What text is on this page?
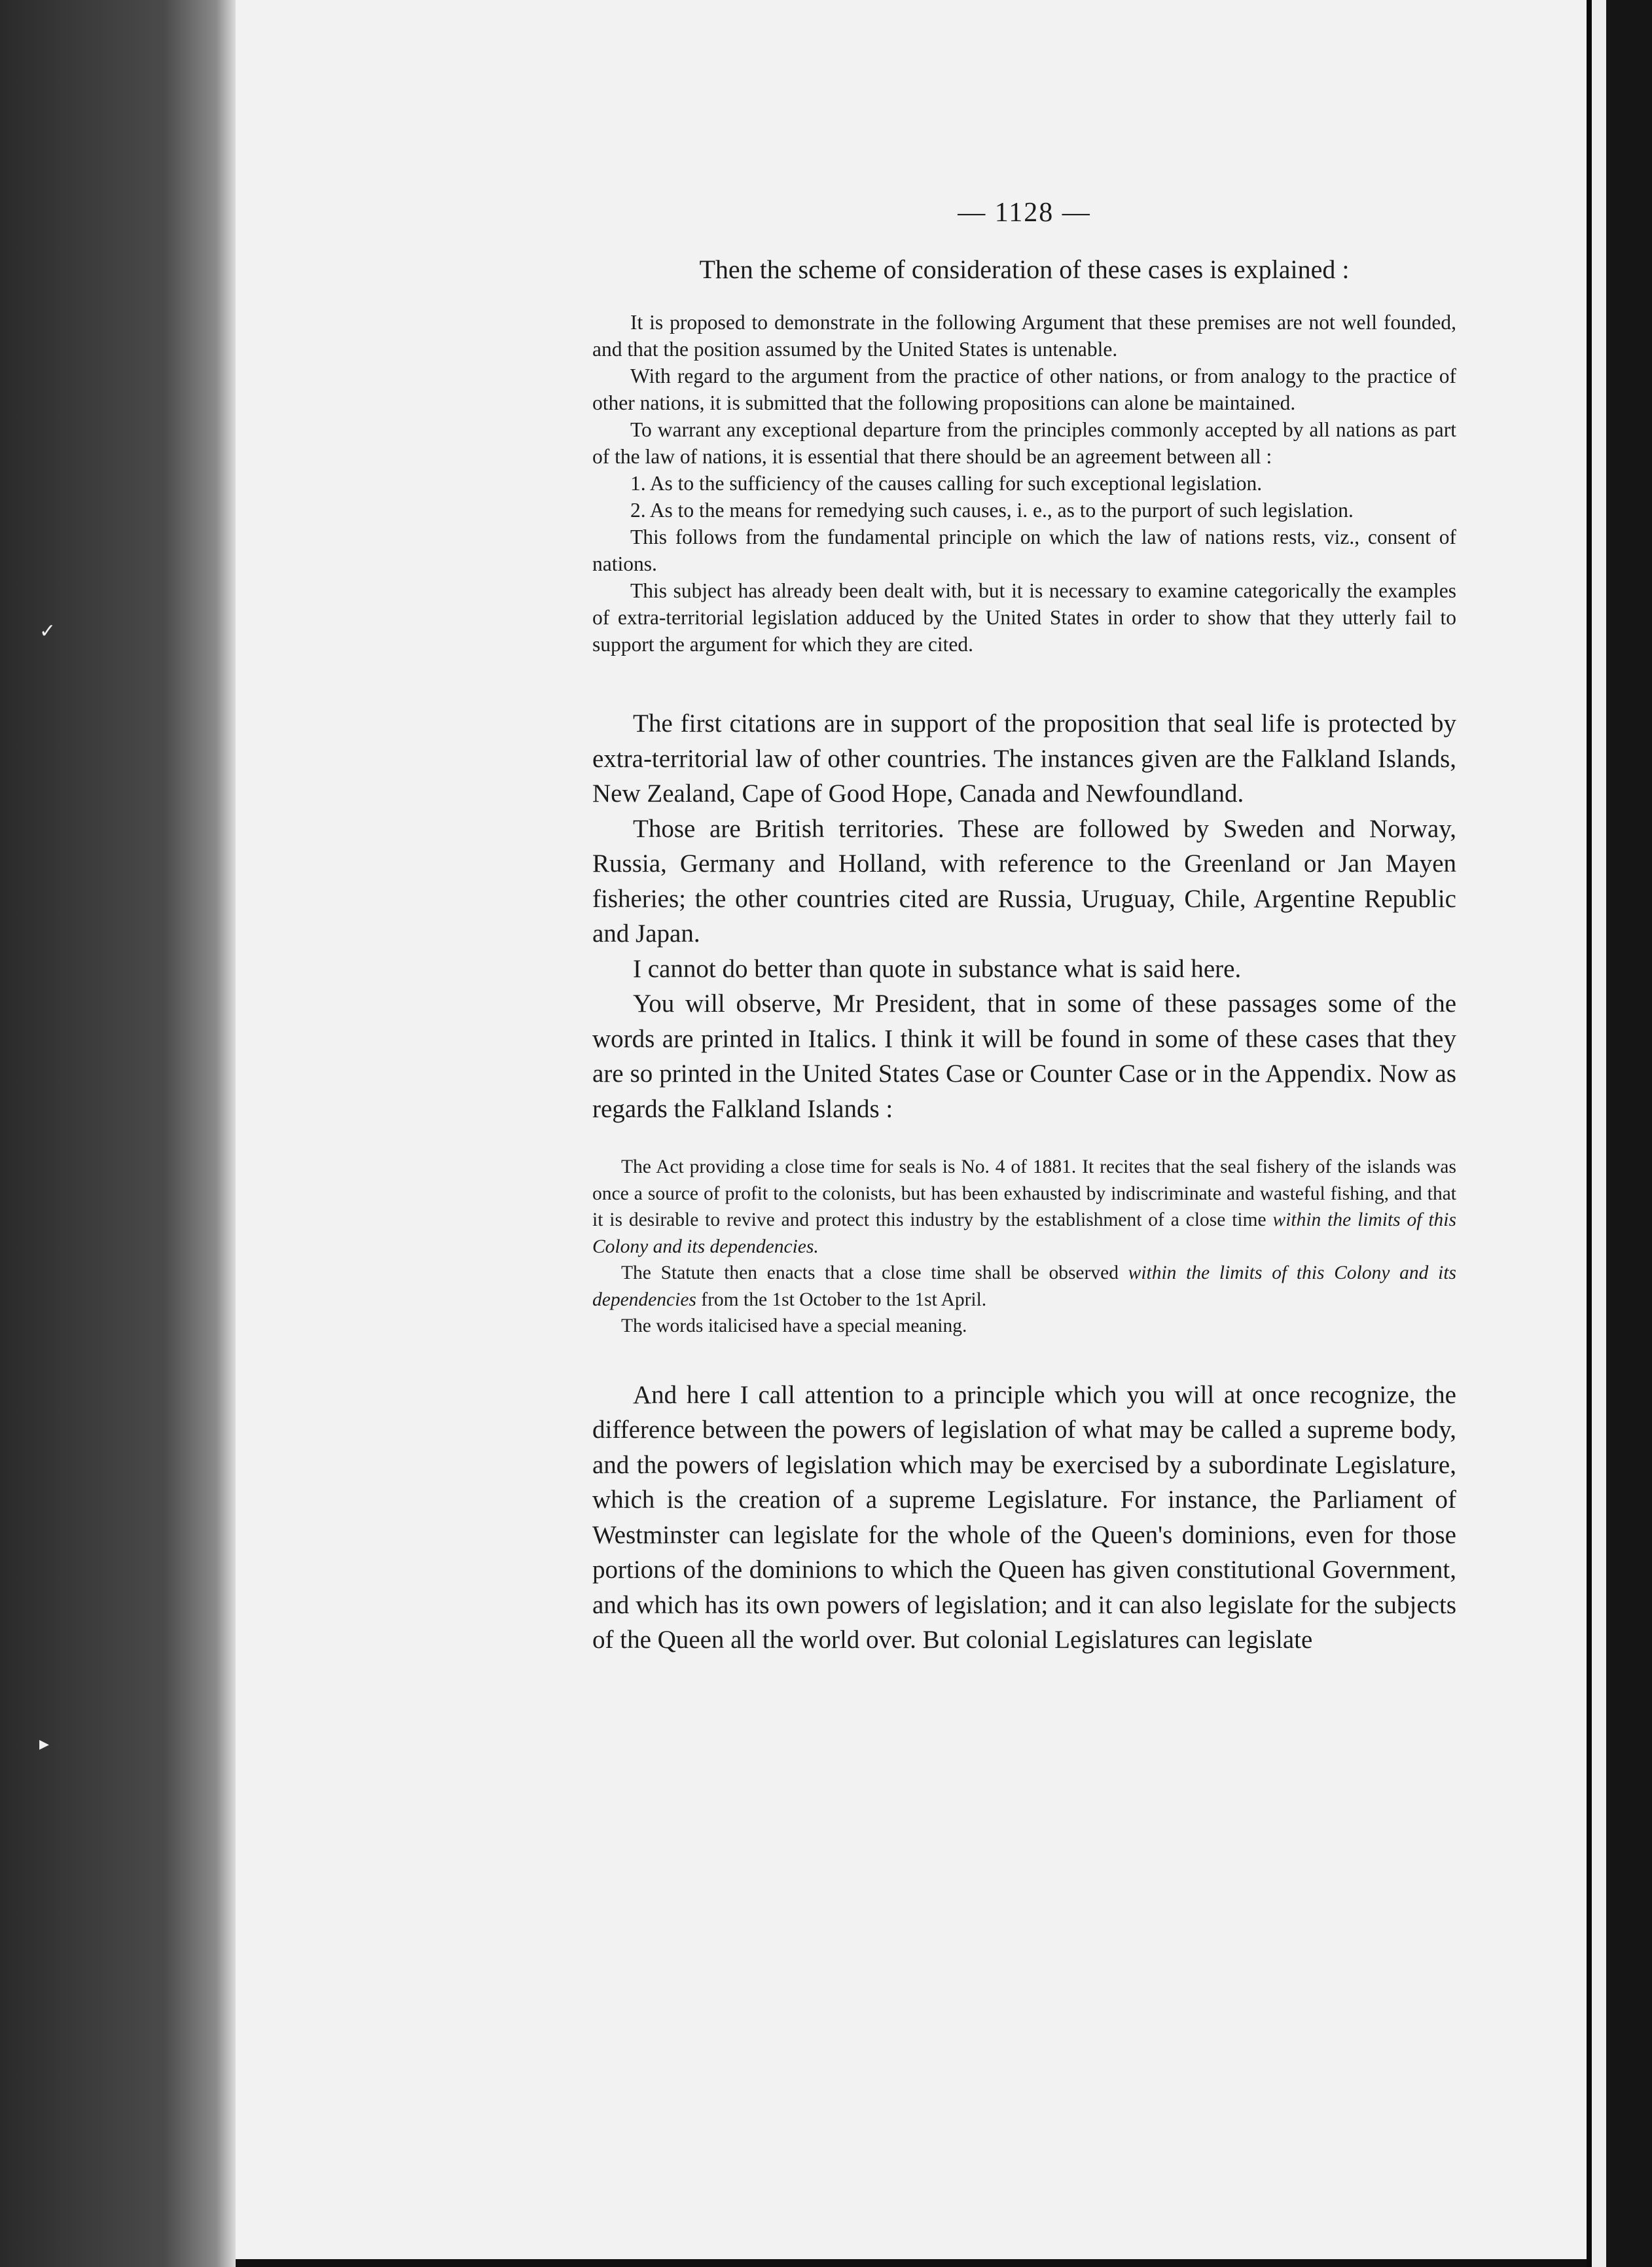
✓
▸
— 1128 —
Then the scheme of consideration of these cases is explained :

It is proposed to demonstrate in the following Argument that these premises are not well founded, and that the position assumed by the United States is untenable.

With regard to the argument from the practice of other nations, or from analogy to the practice of other nations, it is submitted that the following propositions can alone be maintained.

To warrant any exceptional departure from the principles commonly accepted by all nations as part of the law of nations, it is essential that there should be an agreement between all :

1. As to the sufficiency of the causes calling for such exceptional legislation.

2. As to the means for remedying such causes, i. e., as to the purport of such legislation.

This follows from the fundamental principle on which the law of nations rests, viz., consent of nations.

This subject has already been dealt with, but it is necessary to examine categorically the examples of extra-territorial legislation adduced by the United States in order to show that they utterly fail to support the argument for which they are cited.

The first citations are in support of the proposition that seal life is protected by extra-territorial law of other countries. The instances given are the Falkland Islands, New Zealand, Cape of Good Hope, Canada and Newfoundland.

Those are British territories. These are followed by Sweden and Norway, Russia, Germany and Holland, with reference to the Greenland or Jan Mayen fisheries; the other countries cited are Russia, Uruguay, Chile, Argentine Republic and Japan.

I cannot do better than quote in substance what is said here.

You will observe, Mr President, that in some of these passages some of the words are printed in Italics. I think it will be found in some of these cases that they are so printed in the United States Case or Counter Case or in the Appendix. Now as regards the Falkland Islands :

The Act providing a close time for seals is No. 4 of 1881. It recites that the seal fishery of the islands was once a source of profit to the colonists, but has been exhausted by indiscriminate and wasteful fishing, and that it is desirable to revive and protect this industry by the establishment of a close time within the limits of this Colony and its dependencies.

The Statute then enacts that a close time shall be observed within the limits of this Colony and its dependencies from the 1st October to the 1st April.

The words italicised have a special meaning.

And here I call attention to a principle which you will at once recognize, the difference between the powers of legislation of what may be called a supreme body, and the powers of legislation which may be exercised by a subordinate Legislature, which is the creation of a supreme Legislature. For instance, the Parliament of Westminster can legislate for the whole of the Queen's dominions, even for those portions of the dominions to which the Queen has given constitutional Government, and which has its own powers of legislation; and it can also legislate for the subjects of the Queen all the world over. But colonial Legislatures can legislate
